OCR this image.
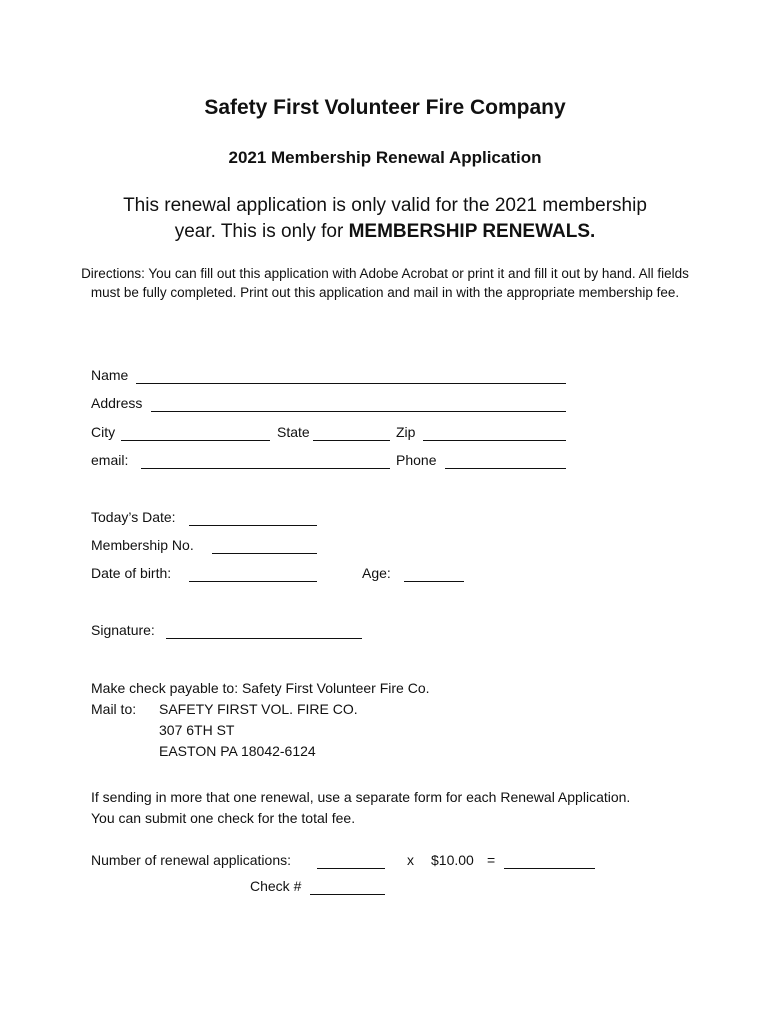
Safety First Volunteer Fire Company
2021 Membership Renewal Application
This renewal application is only valid for the 2021 membership
year. This is only for MEMBERSHIP RENEWALS.
Directions: You can fill out this application with Adobe Acrobat or print it and fill it out by hand. All fields must be fully completed. Print out this application and mail in with the appropriate membership fee.
Name
Address
City	State	Zip
email:	Phone
Today’s Date:
Membership No.
Date of birth:	Age:
Signature:
Make check payable to: Safety First Volunteer Fire Co.
Mail to: SAFETY FIRST VOL. FIRE CO.
307 6TH ST
EASTON PA 18042-6124
If sending in more that one renewal, use a separate form for each Renewal Application.
You can submit one check for the total fee.
Number of renewal applications:	x $10.00 =
Check #
